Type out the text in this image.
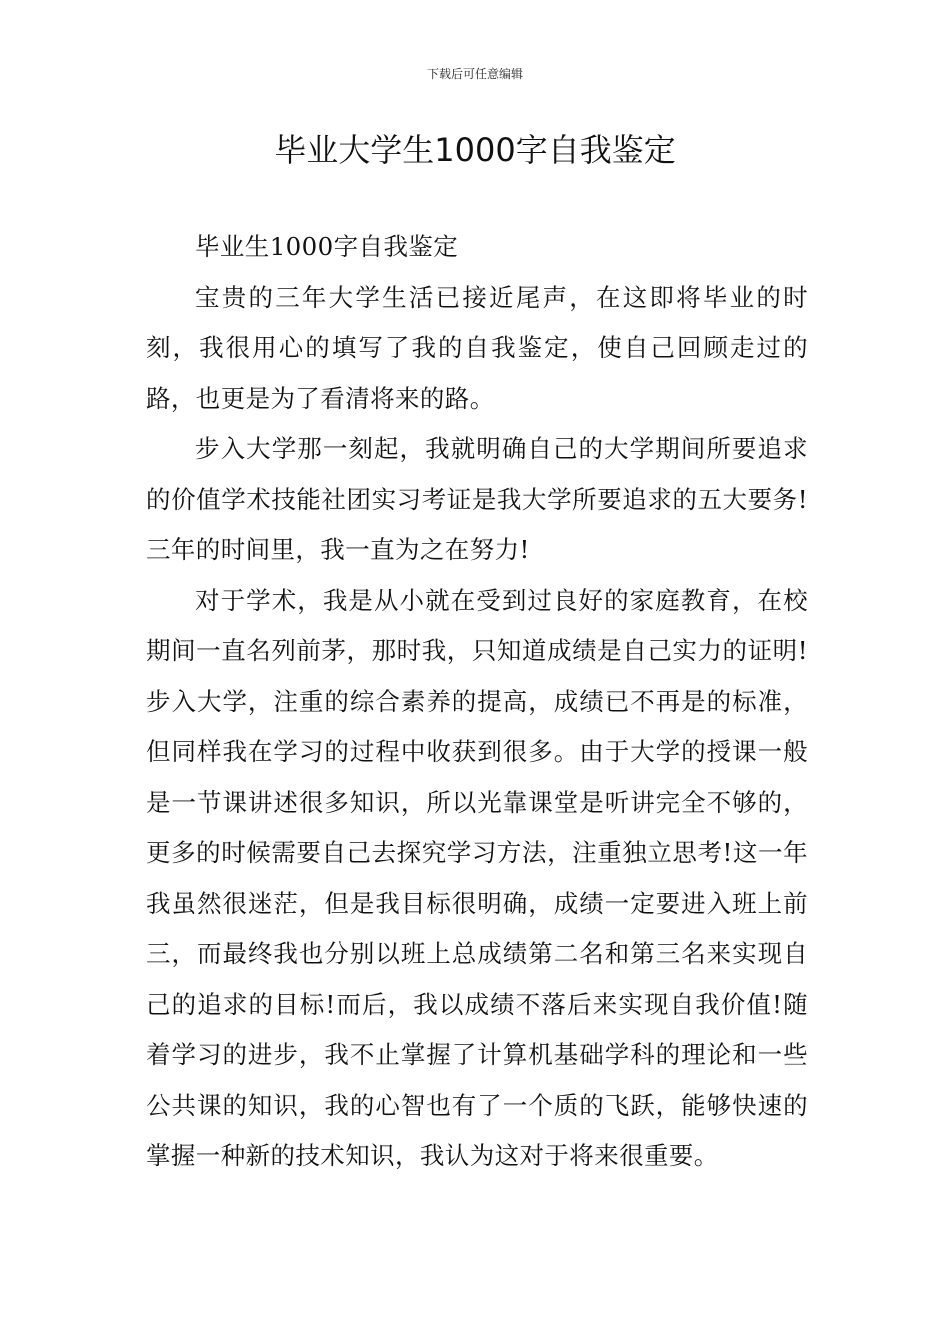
下载后可任意编辑
毕业大学生1000字自我鉴定

毕业生1000字自我鉴定

宝贵的三年大学生活已接近尾声，在这即将毕业的时刻，我很用心的填写了我的自我鉴定，使自己回顾走过的路，也更是为了看清将来的路。

步入大学那一刻起，我就明确自己的大学期间所要追求的价值学术技能社团实习考证是我大学所要追求的五大要务!三年的时间里，我一直为之在努力!

对于学术，我是从小就在受到过良好的家庭教育，在校期间一直名列前茅，那时我，只知道成绩是自己实力的证明!步入大学，注重的综合素养的提高，成绩已不再是的标准，但同样我在学习的过程中收获到很多。由于大学的授课一般是一节课讲述很多知识，所以光靠课堂是听讲完全不够的，更多的时候需要自己去探究学习方法，注重独立思考!这一年我虽然很迷茫，但是我目标很明确，成绩一定要进入班上前三，而最终我也分别以班上总成绩第二名和第三名来实现自己的追求的目标!而后，我以成绩不落后来实现自我价值!随着学习的进步，我不止掌握了计算机基础学科的理论和一些公共课的知识，我的心智也有了一个质的飞跃，能够快速的掌握一种新的技术知识，我认为这对于将来很重要。
